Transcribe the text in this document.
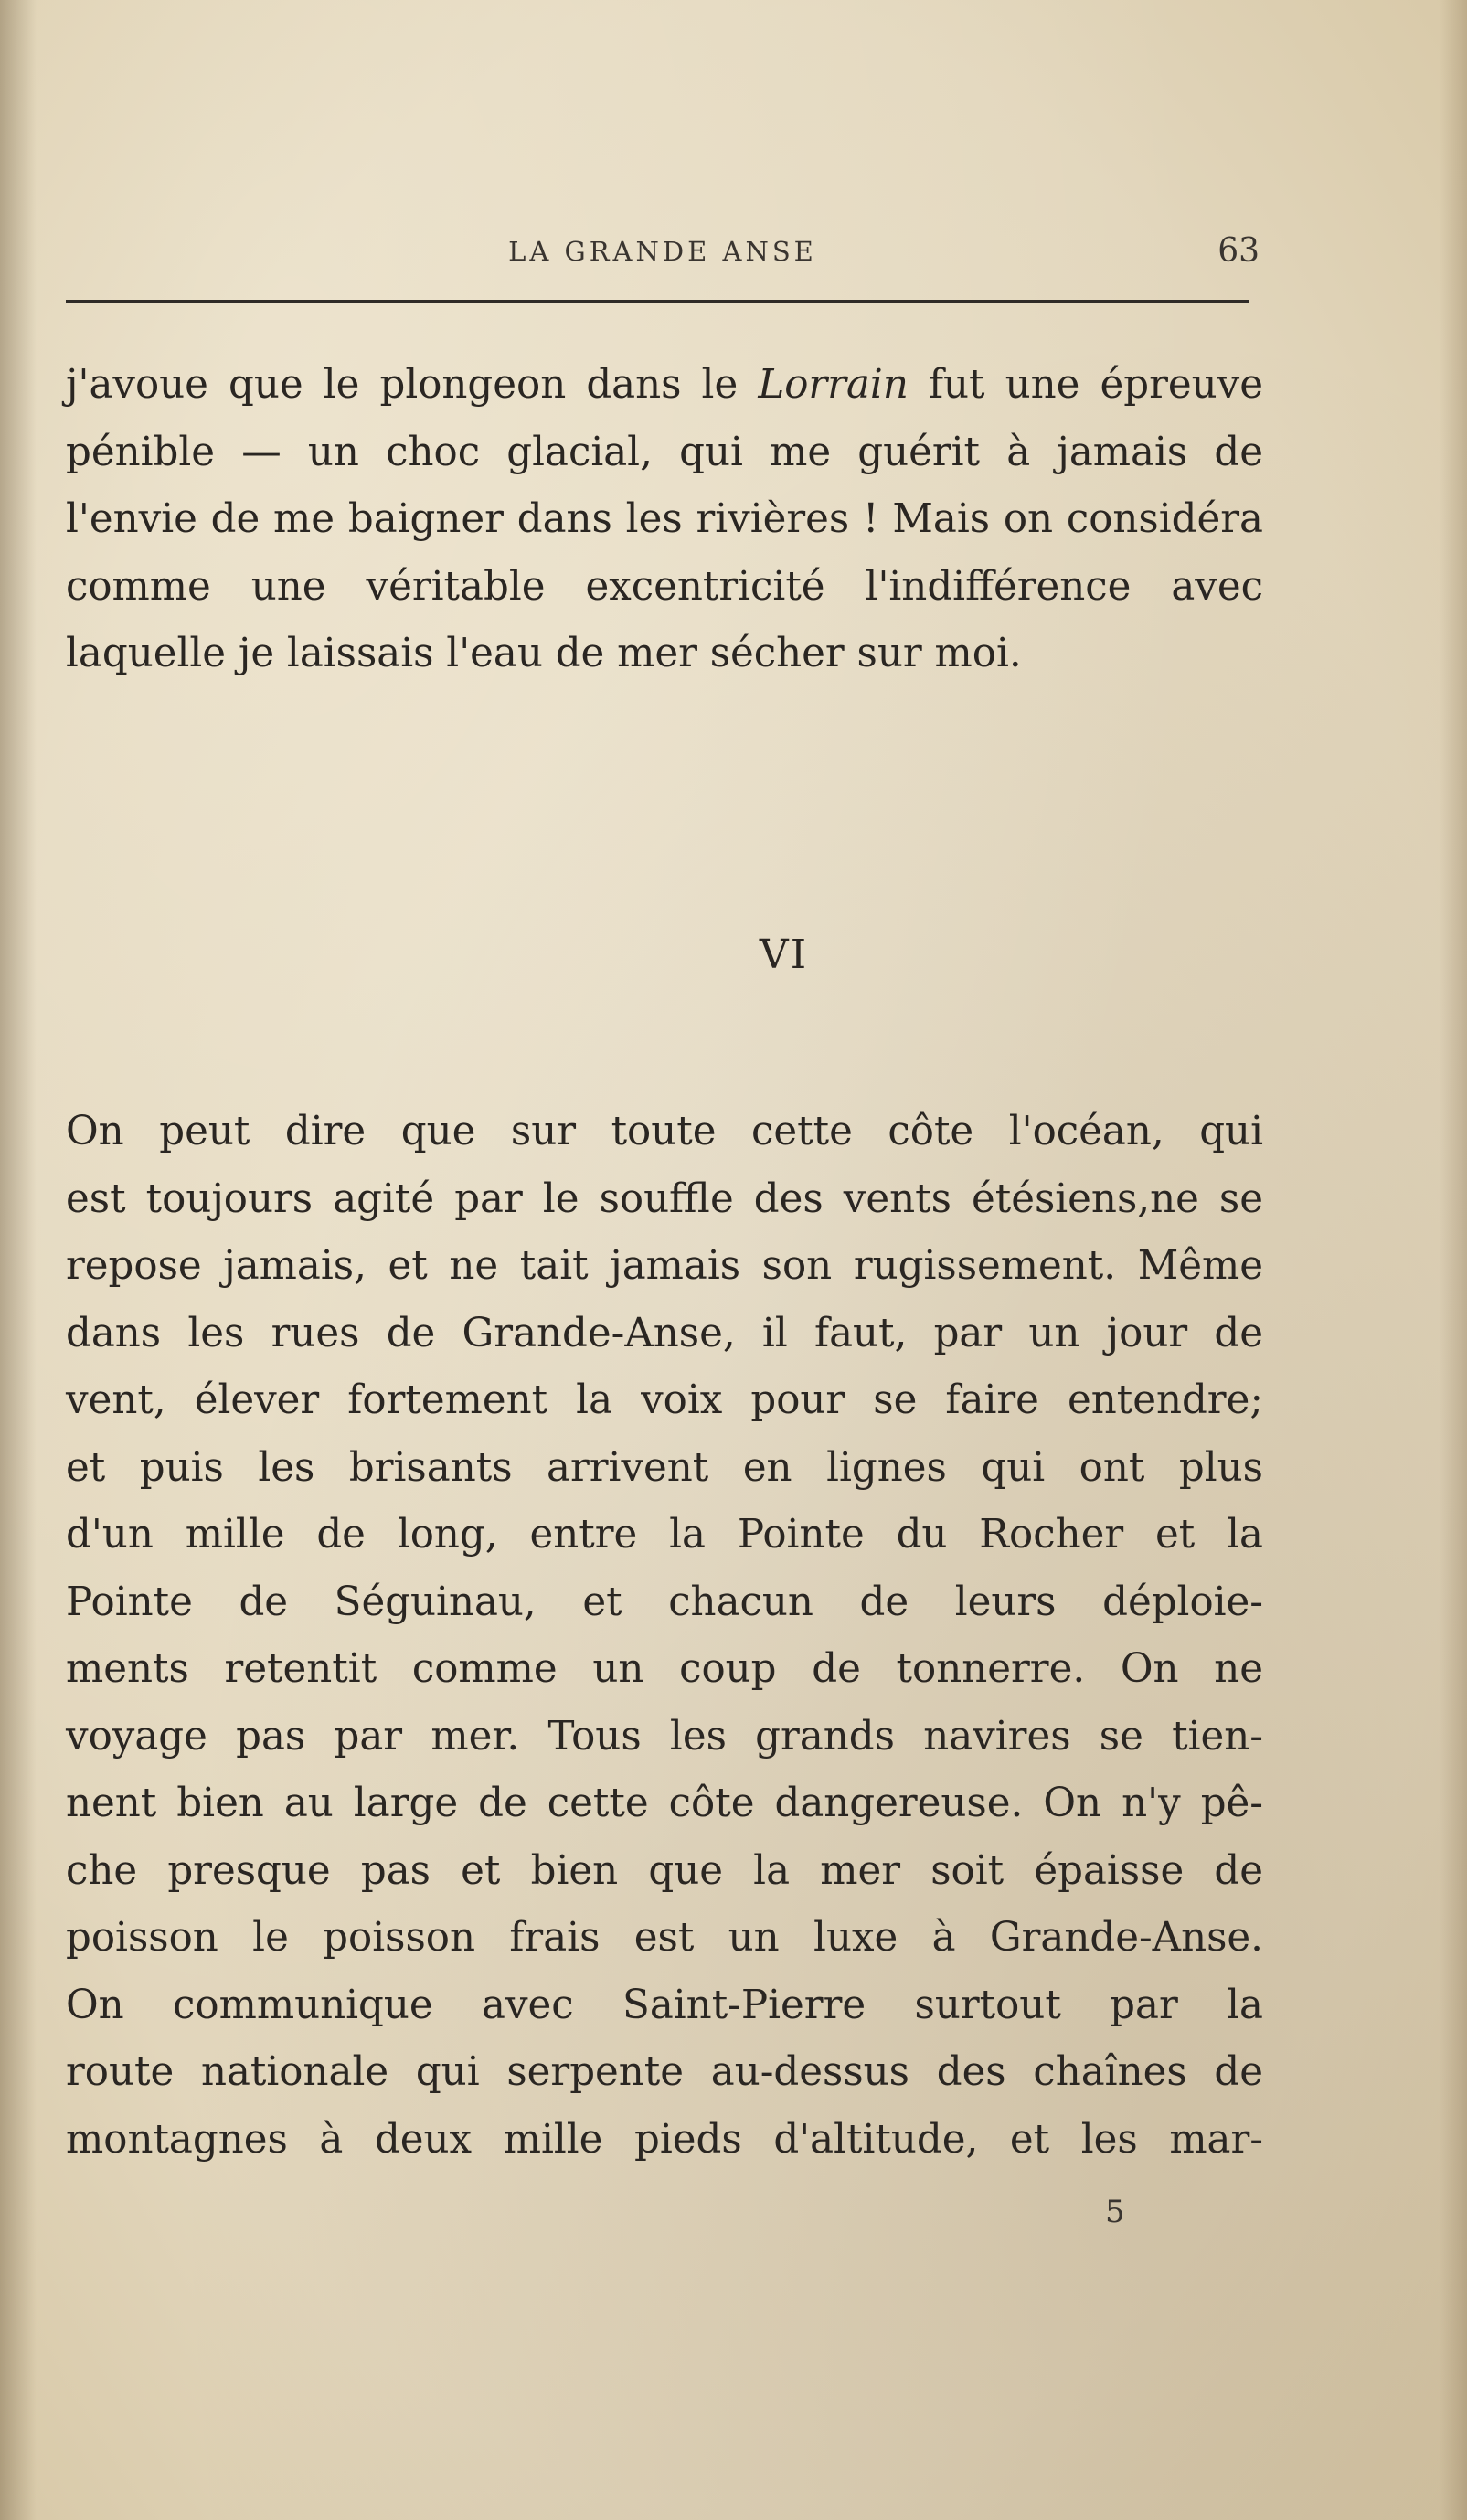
LA GRANDE ANSE	63
j'avoue que le plongeon dans le Lorrain fut une épreuve pénible — un choc glacial, qui me guérit à jamais de l'envie de me baigner dans les rivières ! Mais on considéra comme une véritable excentricité l'indifférence avec laquelle je laissais l'eau de mer sécher sur moi.
VI
On peut dire que sur toute cette côte l'océan, qui
est toujours agité par le souffle des vents étésiens,ne se
repose jamais, et ne tait jamais son rugissement. Même
dans les rues de Grande-Anse, il faut, par un jour de
vent, élever fortement la voix pour se faire entendre;
et puis les brisants arrivent en lignes qui ont plus
d'un mille de long, entre la Pointe du Rocher et la
Pointe de Séguinau, et chacun de leurs déploie-
ments retentit comme un coup de tonnerre. On ne
voyage pas par mer. Tous les grands navires se tien-
nent bien au large de cette côte dangereuse. On n'y pê-
che presque pas et bien que la mer soit épaisse de
poisson le poisson frais est un luxe à Grande-Anse.
On communique avec Saint-Pierre surtout par la
route nationale qui serpente au-dessus des chaînes de
montagnes à deux mille pieds d'altitude, et les mar-
5
